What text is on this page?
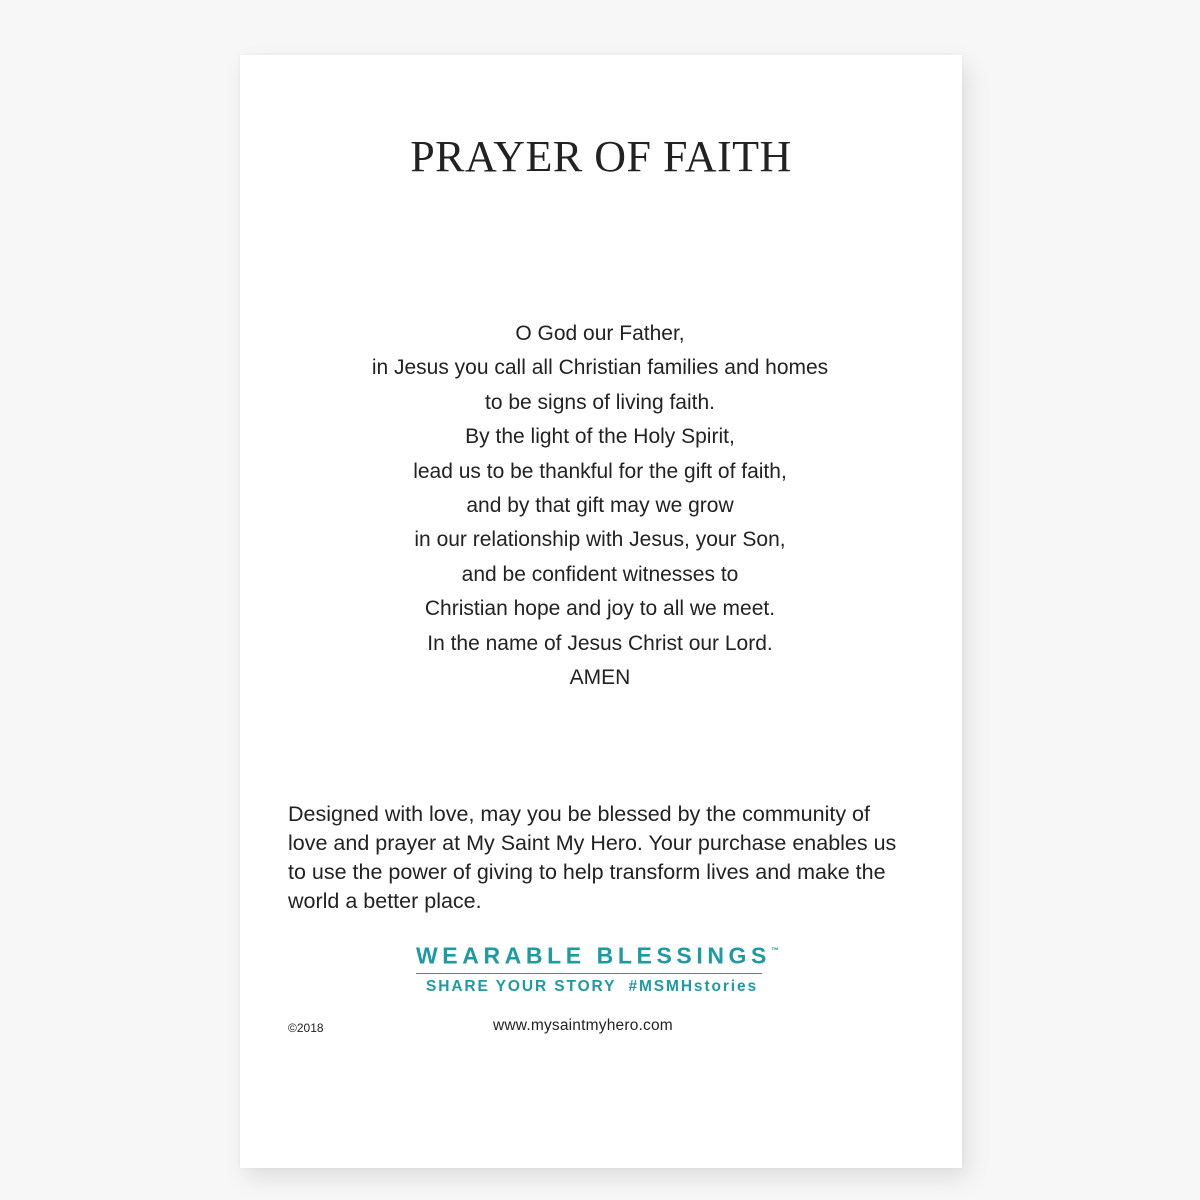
PRAYER OF FAITH
O God our Father,
in Jesus you call all Christian families and homes
to be signs of living faith.
By the light of the Holy Spirit,
lead us to be thankful for the gift of faith,
and by that gift may we grow
in our relationship with Jesus, your Son,
and be confident witnesses to
Christian hope and joy to all we meet.
In the name of Jesus Christ our Lord.
AMEN

Designed with love, may you be blessed by the community of love and prayer at My Saint My Hero. Your purchase enables us to use the power of giving to help transform lives and make the world a better place.

WEARABLE BLESSINGS™
SHARE YOUR STORY  #MSMHstories
©2018	www.mysaintmyhero.com
